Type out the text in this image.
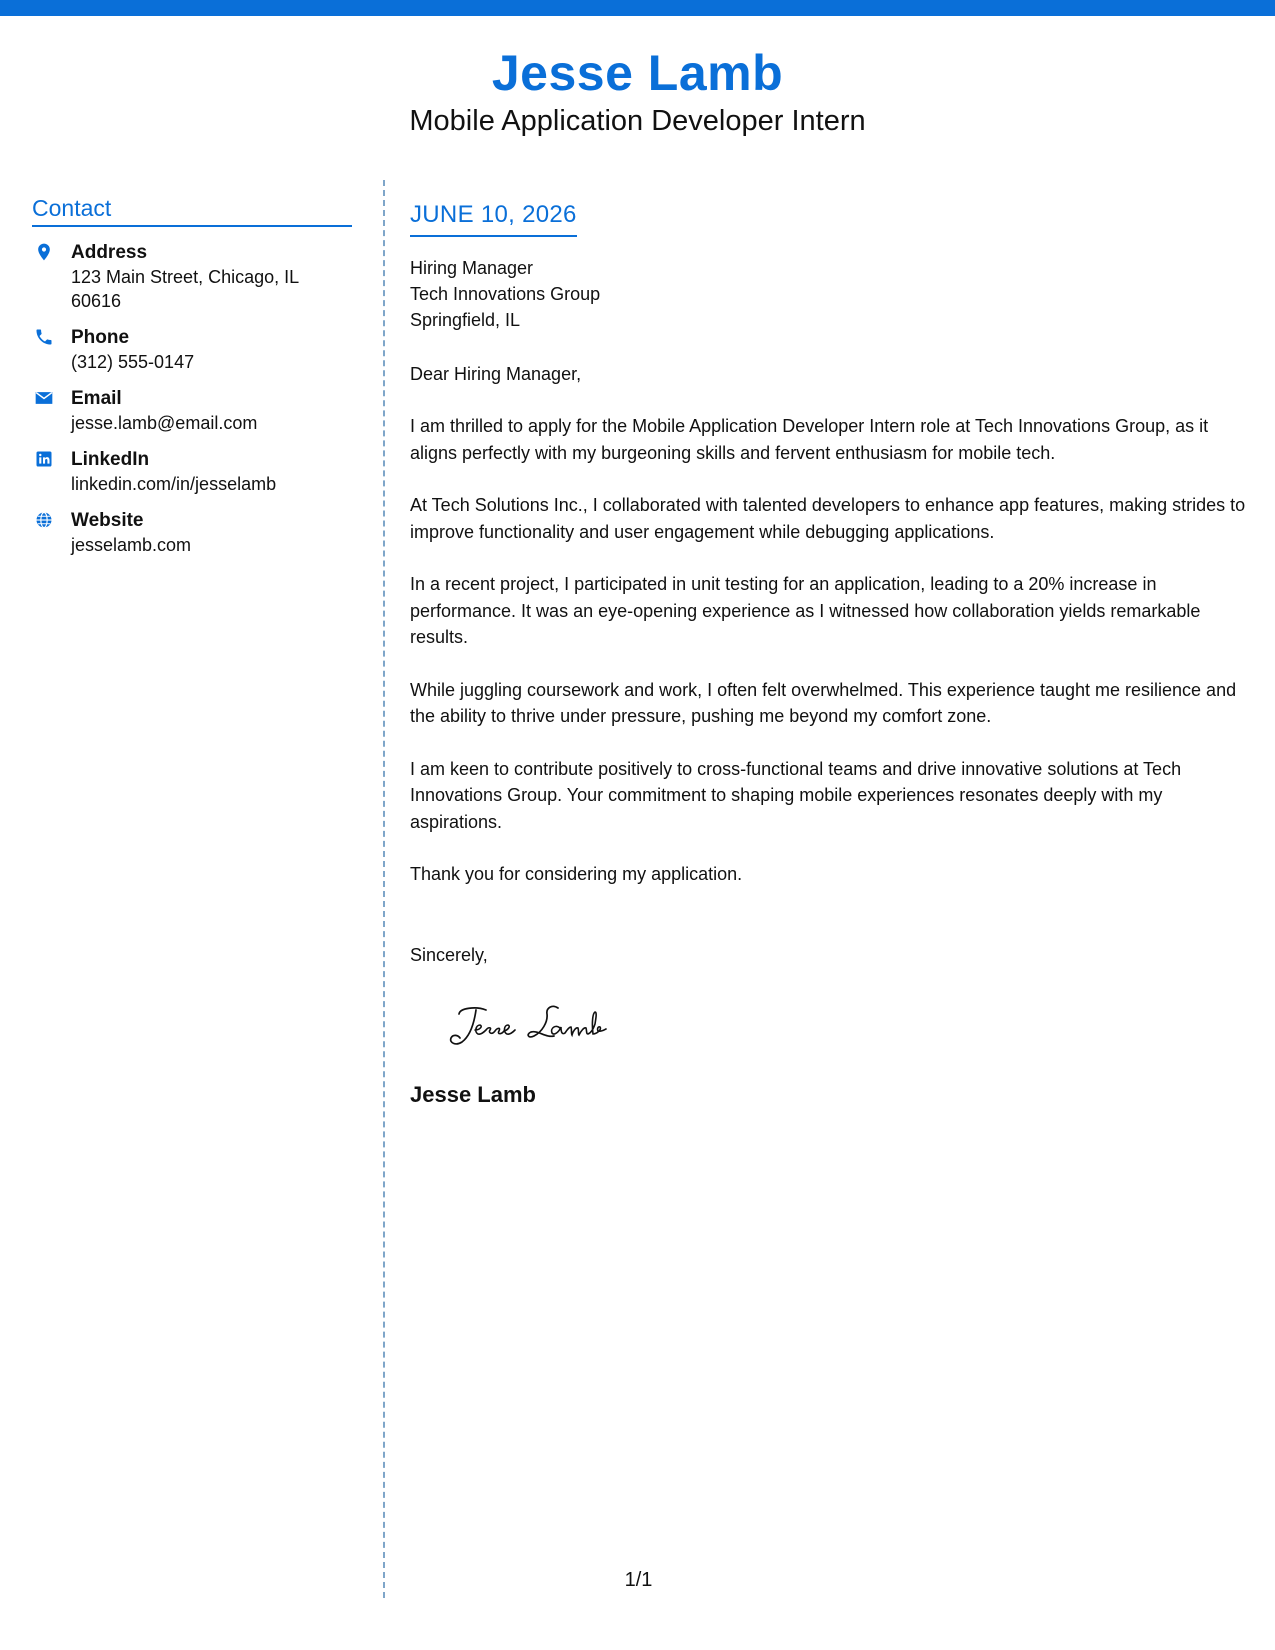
Jesse Lamb
Mobile Application Developer Intern
Contact
Address
123 Main Street, Chicago, IL 60616
Phone
(312) 555-0147
Email
jesse.lamb@email.com
LinkedIn
linkedin.com/in/jesselamb
Website
jesselamb.com
JUNE 10, 2026
Hiring Manager
Tech Innovations Group
Springfield, IL
Dear Hiring Manager,

I am thrilled to apply for the Mobile Application Developer Intern role at Tech Innovations Group, as it aligns perfectly with my burgeoning skills and fervent enthusiasm for mobile tech.

At Tech Solutions Inc., I collaborated with talented developers to enhance app features, making strides to improve functionality and user engagement while debugging applications.

In a recent project, I participated in unit testing for an application, leading to a 20% increase in performance. It was an eye-opening experience as I witnessed how collaboration yields remarkable results.

While juggling coursework and work, I often felt overwhelmed. This experience taught me resilience and the ability to thrive under pressure, pushing me beyond my comfort zone.

I am keen to contribute positively to cross-functional teams and drive innovative solutions at Tech Innovations Group. Your commitment to shaping mobile experiences resonates deeply with my aspirations.

Thank you for considering my application.

Sincerely,
Jesse Lamb
1/1
